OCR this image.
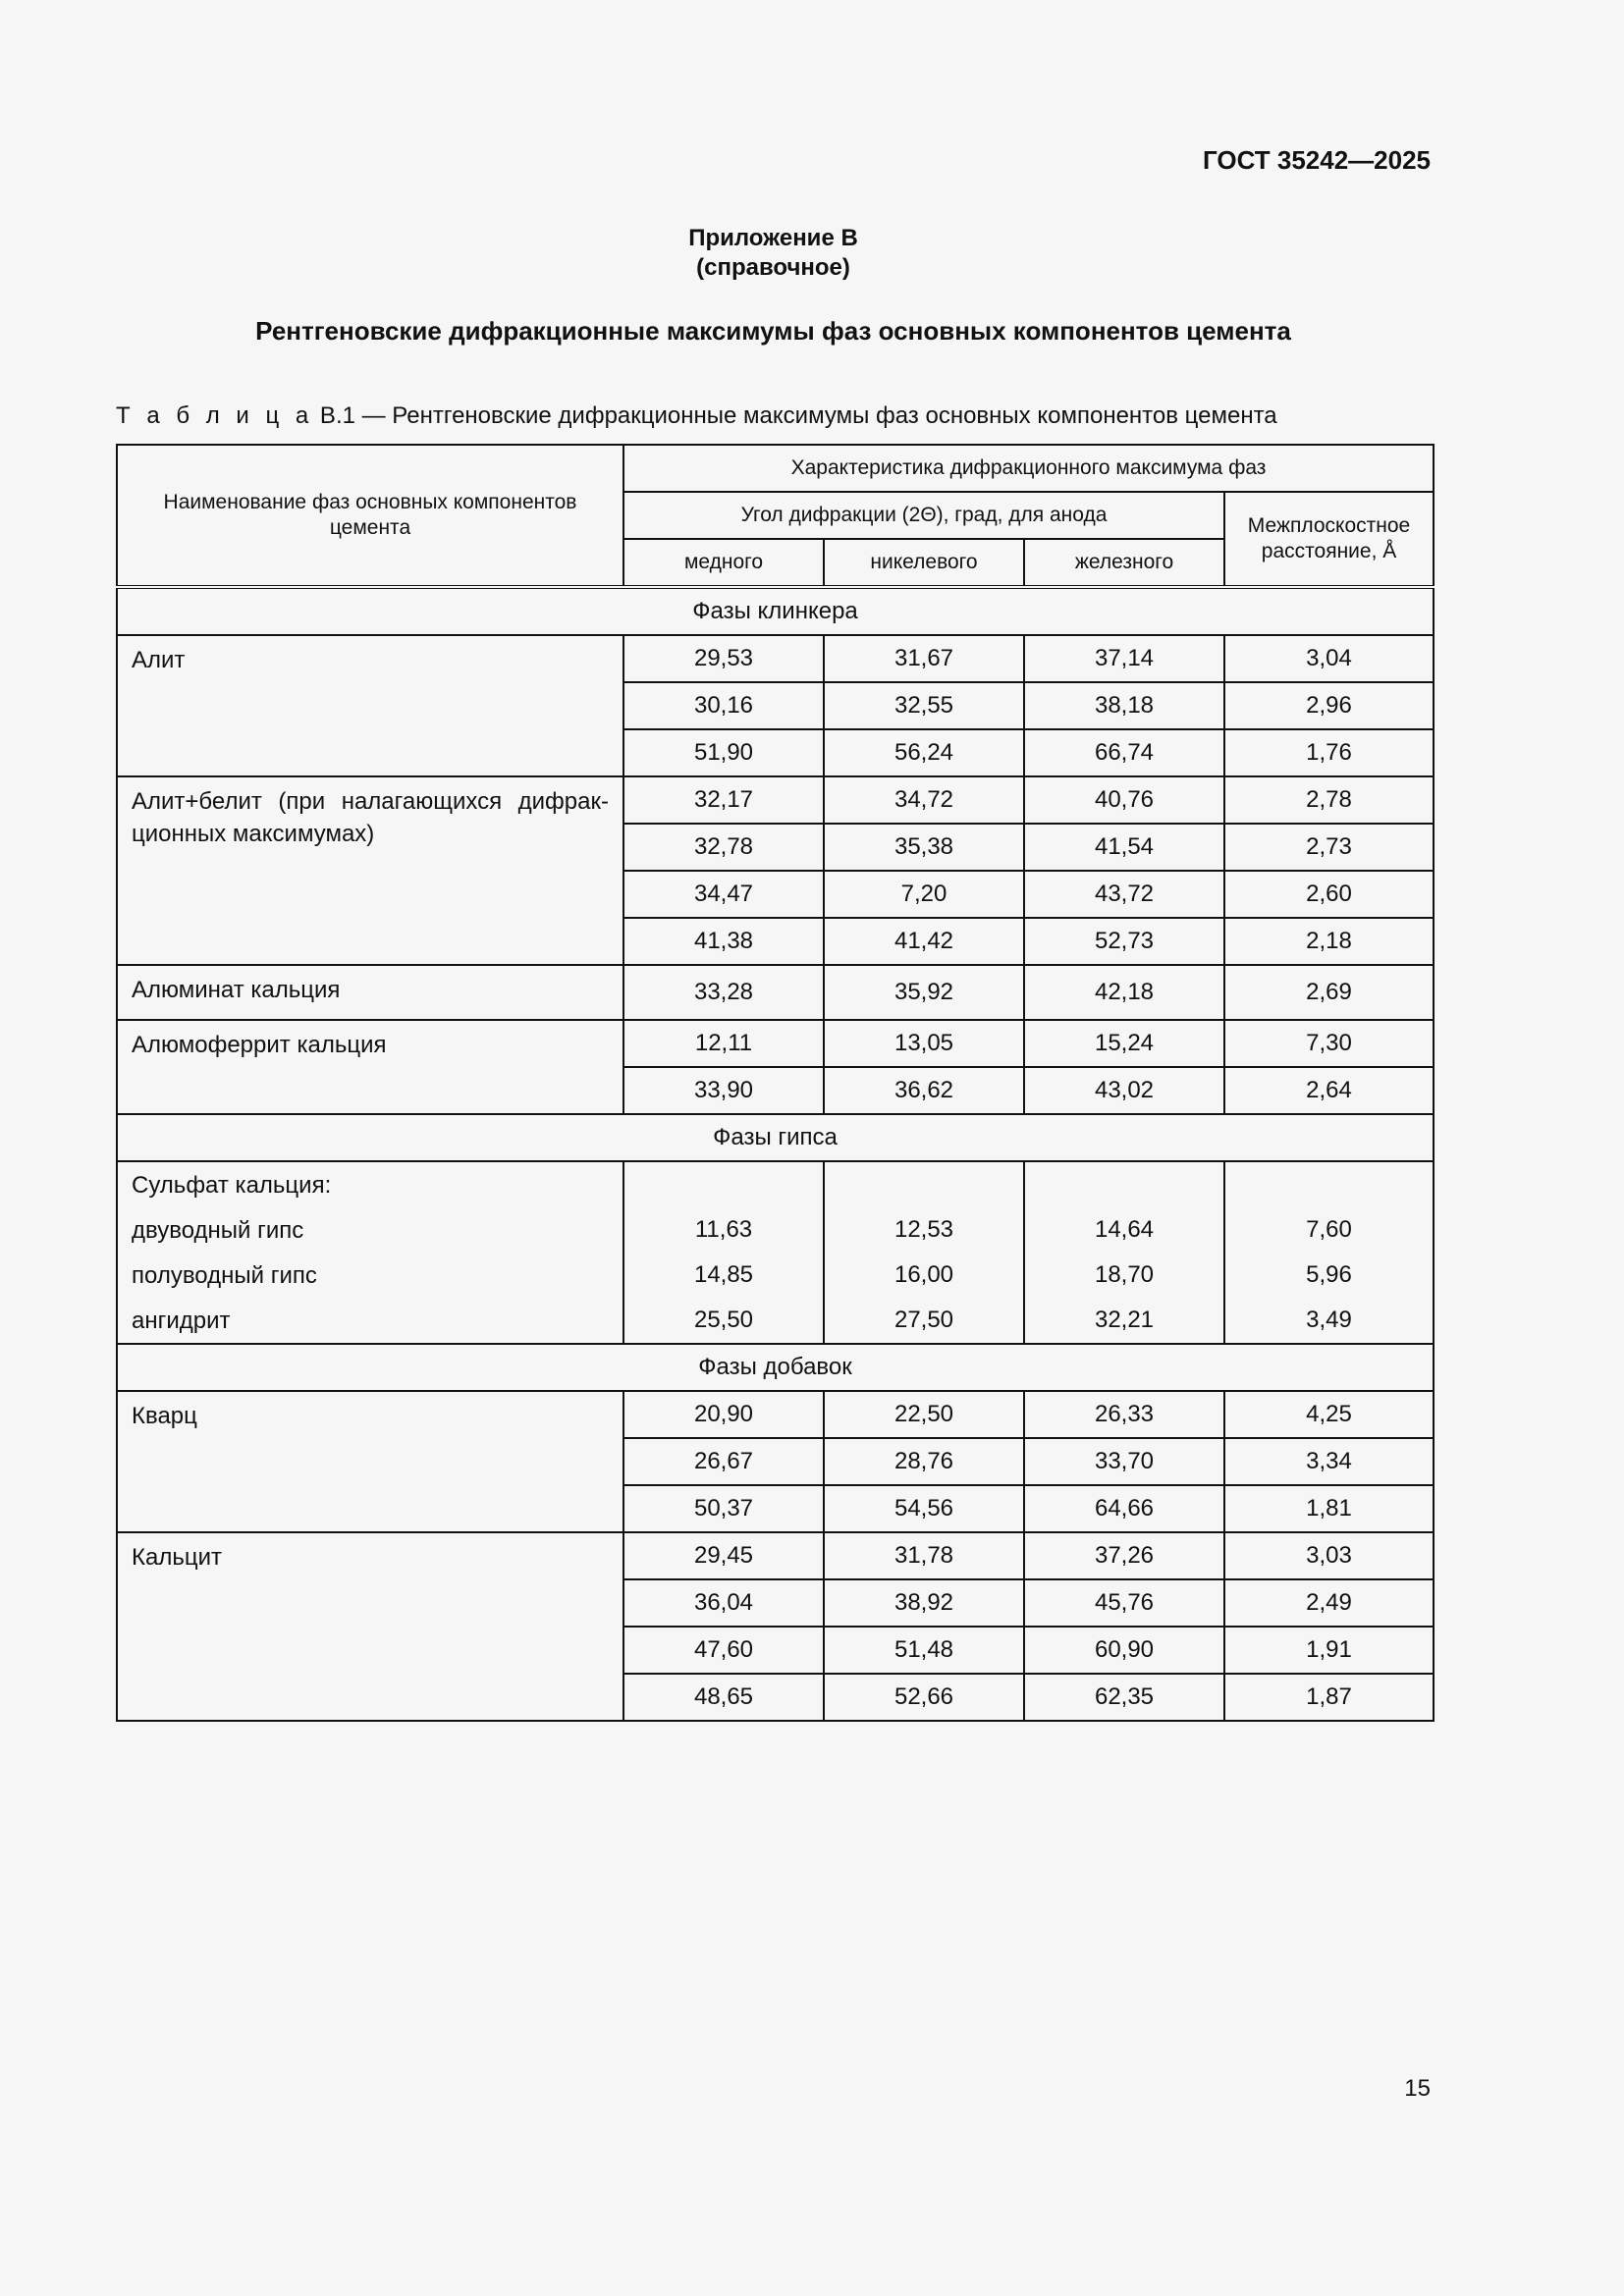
ГОСТ 35242—2025
Приложение В
(справочное)
Рентгеновские дифракционные максимумы фаз основных компонентов цемента
Т а б л и ц а В.1 — Рентгеновские дифракционные максимумы фаз основных компонентов цемента
Наименование фаз основных компонентов цемента	Характеристика дифракционного максимума фаз			
	Угол дифракции (2Θ), град, для анода			Межплоскостное расстояние, Å
	медного	никелевого	железного	
Фазы клинкера				
Алит	29,53	31,67	37,14	3,04
	30,16	32,55	38,18	2,96
	51,90	56,24	66,74	1,76
Алит+белит (при налагающихся дифракционных максимумах)	32,17	34,72	40,76	2,78
	32,78	35,38	41,54	2,73
	34,47	7,20	43,72	2,60
	41,38	41,42	52,73	2,18
Алюминат кальция	33,28	35,92	42,18	2,69
Алюмоферрит кальция	12,11	13,05	15,24	7,30
	33,90	36,62	43,02	2,64
Фазы гипса				
Сульфат кальция:				
двуводный гипс	11,63	12,53	14,64	7,60
полуводный гипс	14,85	16,00	18,70	5,96
ангидрит	25,50	27,50	32,21	3,49
Фазы добавок				
Кварц	20,90	22,50	26,33	4,25
	26,67	28,76	33,70	3,34
	50,37	54,56	64,66	1,81
Кальцит	29,45	31,78	37,26	3,03
	36,04	38,92	45,76	2,49
	47,60	51,48	60,90	1,91
	48,65	52,66	62,35	1,87
15
